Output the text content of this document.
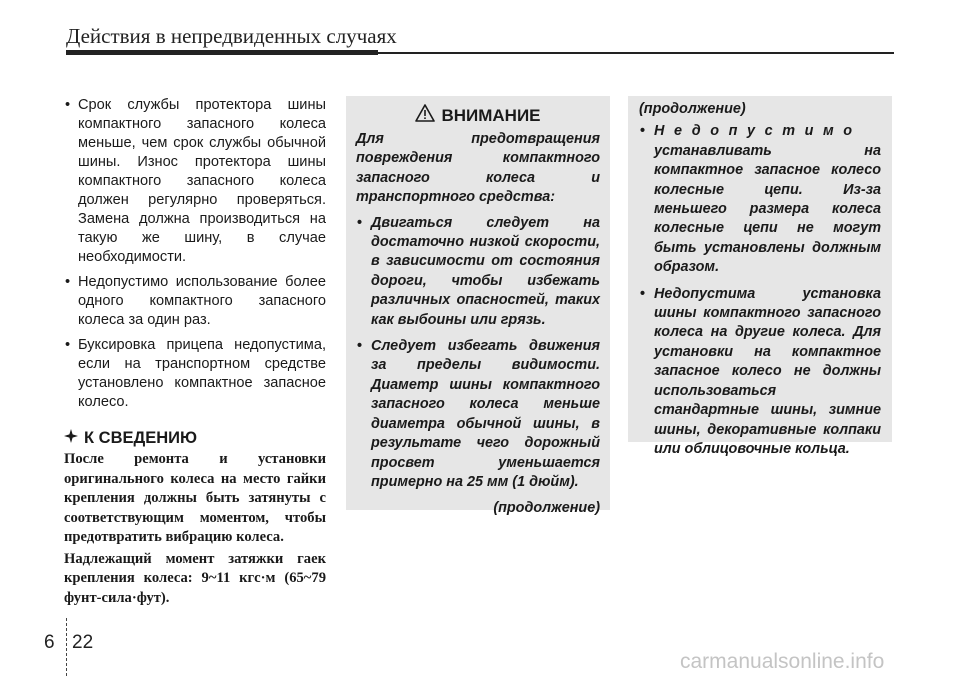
Действия в непредвиденных случаях
• Срок службы протектора шины компактного запасного колеса меньше, чем срок службы обычной шины. Износ протектора шины компактного запасного колеса должен регулярно проверяться. Замена должна производиться на такую же шину, в случае необходимости.
• Недопустимо использование более одного компактного запасного колеса за один раз.
• Буксировка прицепа недопустима, если на транспортном средстве установлено компактное запасное колесо.
К СВЕДЕНИЮ

После ремонта и установки оригинального колеса на место гайки крепления должны быть затянуты с соответствующим моментом, чтобы предотвратить вибрацию колеса.

Надлежащий момент затяжки гаек крепления колеса: 9~11 кгс·м (65~79 фунт-сила·фут).

ВНИМАНИЕ

Для предотвращения повреждения компактного запасного колеса и транспортного средства:

• Двигаться следует на достаточно низкой скорости, в зависимости от состояния дороги, чтобы избежать различных опасностей, таких как выбоины или грязь.
• Следует избегать движения за пределы видимости. Диаметр шины компактного запасного колеса меньше диаметра обычной шины, в результате чего дорожный просвет уменьшается примерно на 25 мм (1 дюйм).

(продолжение)

(продолжение)

• Недопустимо устанавливать на компактное запасное колесо колесные цепи. Из-за меньшего размера колеса колесные цепи не могут быть установлены должным образом.
• Недопустима установка шины компактного запасного колеса на другие колеса. Для установки на компактное запасное колесо не должны использоваться стандартные шины, зимние шины, декоративные колпаки или облицовочные кольца.
6 22
carmanualsonline.info
